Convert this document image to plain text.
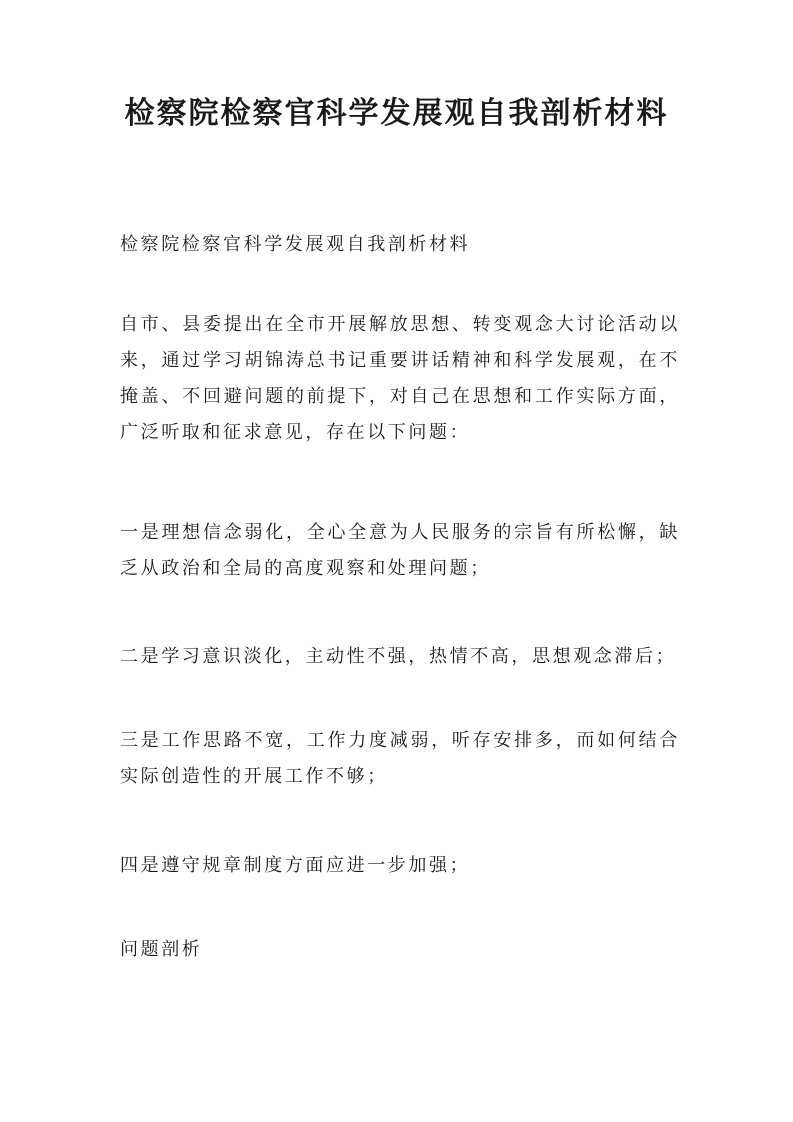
检察院检察官科学发展观自我剖析材料

检察院检察官科学发展观自我剖析材料

自市、县委提出在全市开展解放思想、转变观念大讨论活动以来，通过学习胡锦涛总书记重要讲话精神和科学发展观，在不掩盖、不回避问题的前提下，对自己在思想和工作实际方面，广泛听取和征求意见，存在以下问题：

一是理想信念弱化，全心全意为人民服务的宗旨有所松懈，缺乏从政治和全局的高度观察和处理问题；

二是学习意识淡化，主动性不强，热情不高，思想观念滞后；

三是工作思路不宽，工作力度减弱，听存安排多，而如何结合实际创造性的开展工作不够；

四是遵守规章制度方面应进一步加强；

问题剖析
